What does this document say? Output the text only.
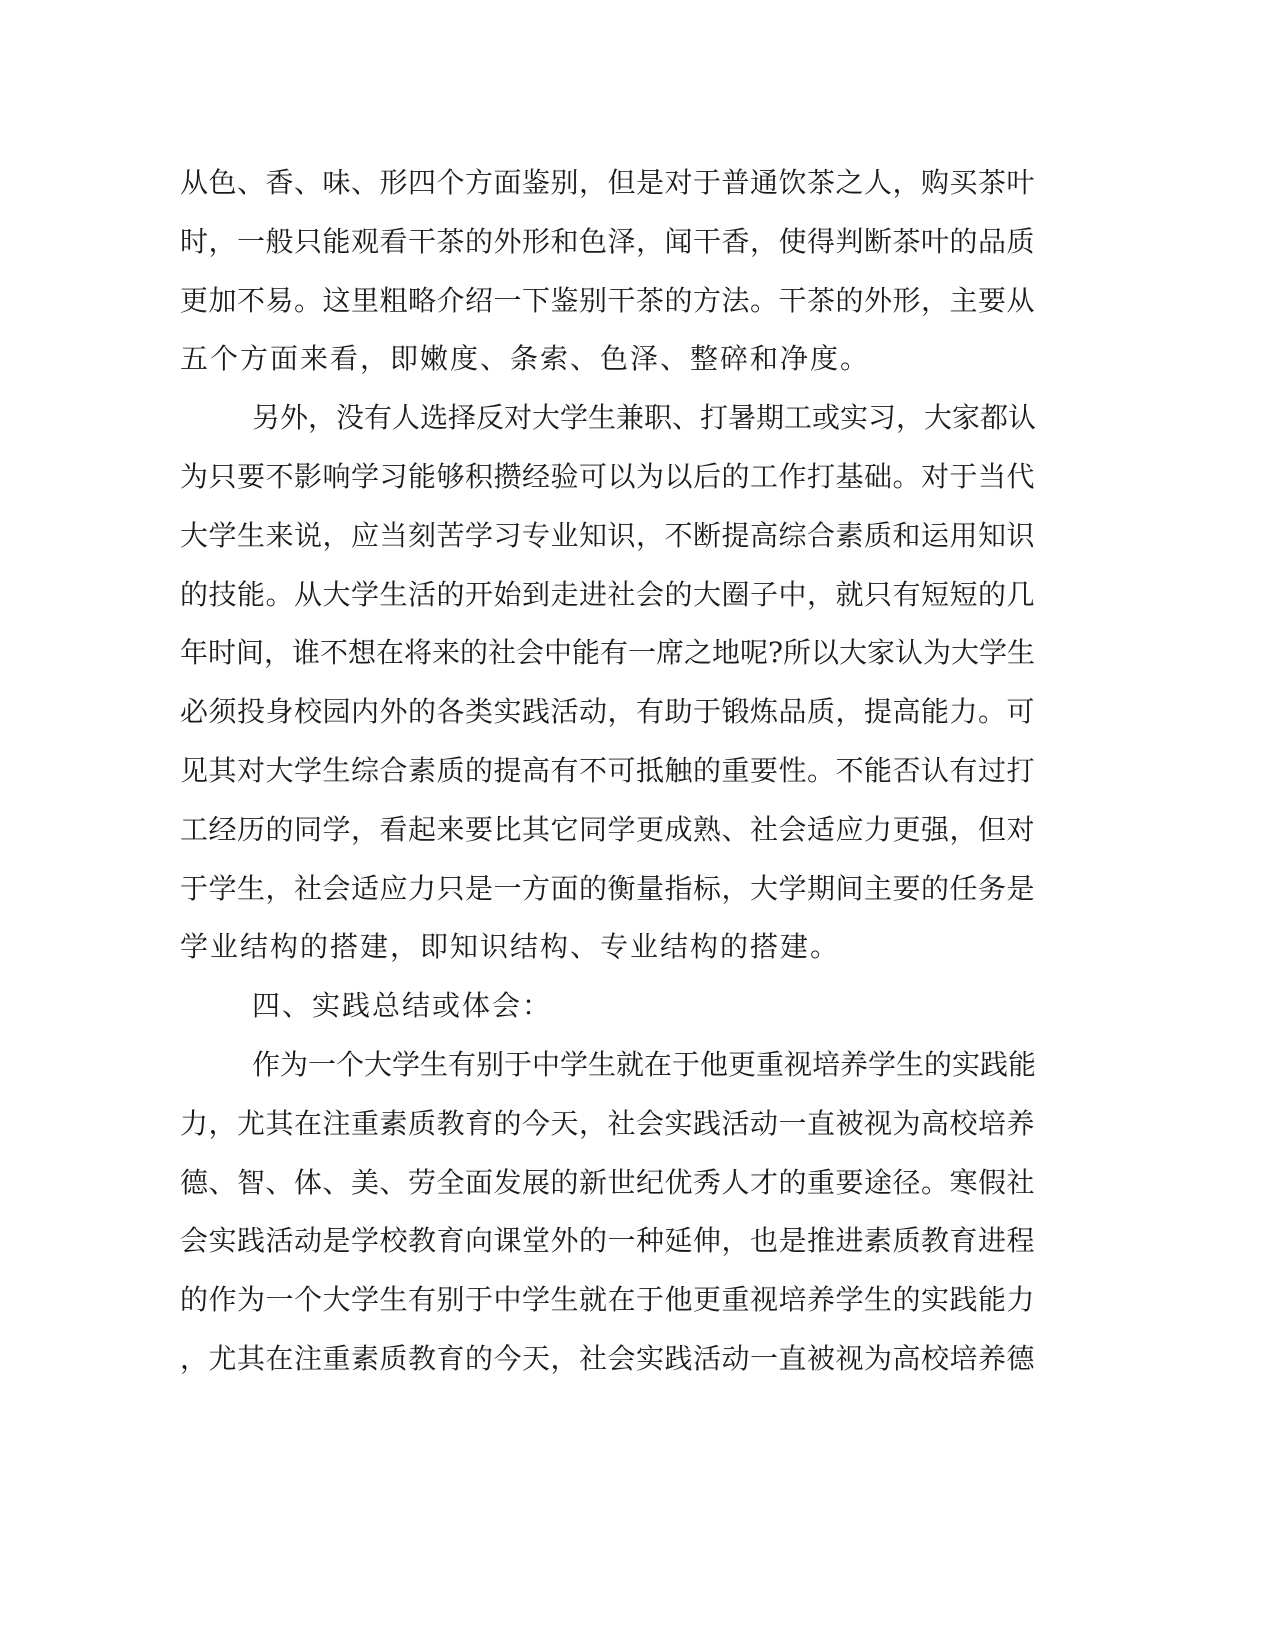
从色、香、味、形四个方面鉴别，但是对于普通饮茶之人，购买茶叶
时，一般只能观看干茶的外形和色泽，闻干香，使得判断茶叶的品质
更加不易。这里粗略介绍一下鉴别干茶的方法。干茶的外形，主要从
五个方面来看，即嫩度、条索、色泽、整碎和净度。
另外，没有人选择反对大学生兼职、打暑期工或实习，大家都认
为只要不影响学习能够积攒经验可以为以后的工作打基础。对于当代
大学生来说，应当刻苦学习专业知识，不断提高综合素质和运用知识
的技能。从大学生活的开始到走进社会的大圈子中，就只有短短的几
年时间，谁不想在将来的社会中能有一席之地呢?所以大家认为大学生
必须投身校园内外的各类实践活动，有助于锻炼品质，提高能力。可
见其对大学生综合素质的提高有不可抵触的重要性。不能否认有过打
工经历的同学，看起来要比其它同学更成熟、社会适应力更强，但对
于学生，社会适应力只是一方面的衡量指标，大学期间主要的任务是
学业结构的搭建，即知识结构、专业结构的搭建。
四、实践总结或体会：
作为一个大学生有别于中学生就在于他更重视培养学生的实践能
力，尤其在注重素质教育的今天，社会实践活动一直被视为高校培养
德、智、体、美、劳全面发展的新世纪优秀人才的重要途径。寒假社
会实践活动是学校教育向课堂外的一种延伸，也是推进素质教育进程
的作为一个大学生有别于中学生就在于他更重视培养学生的实践能力
，尤其在注重素质教育的今天，社会实践活动一直被视为高校培养德
